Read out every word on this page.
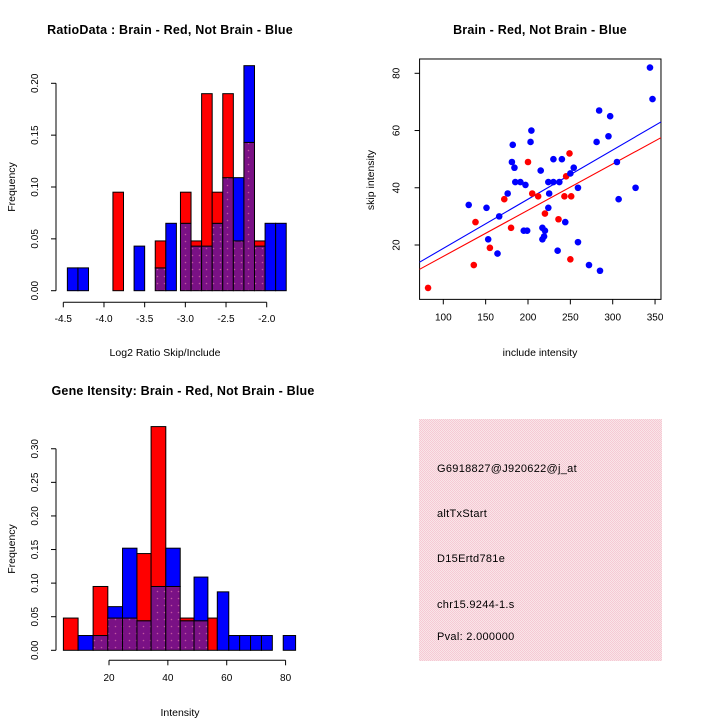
RatioData : Brain - Red, Not Brain - Blue
-4.5 -4.0 -3.5 -3.0 -2.5 -2.0
0.00
0.05
0.10
0.15
0.20
Log2 Ratio Skip/Include
Frequency
Brain - Red, Not Brain - Blue
100	150	200	250	300	350
20
40
60
80
include intensity
skip intensity
Gene Itensity: Brain - Red, Not Brain - Blue
20	40	60	80
0.00
0.05
0.10
0.15
0.20
0.25
0.30
Intensity
Frequency
G6918827@J920622@j_at
altTxStart
D15Ertd781e
chr15.9244-1.s
Pval: 2.000000
